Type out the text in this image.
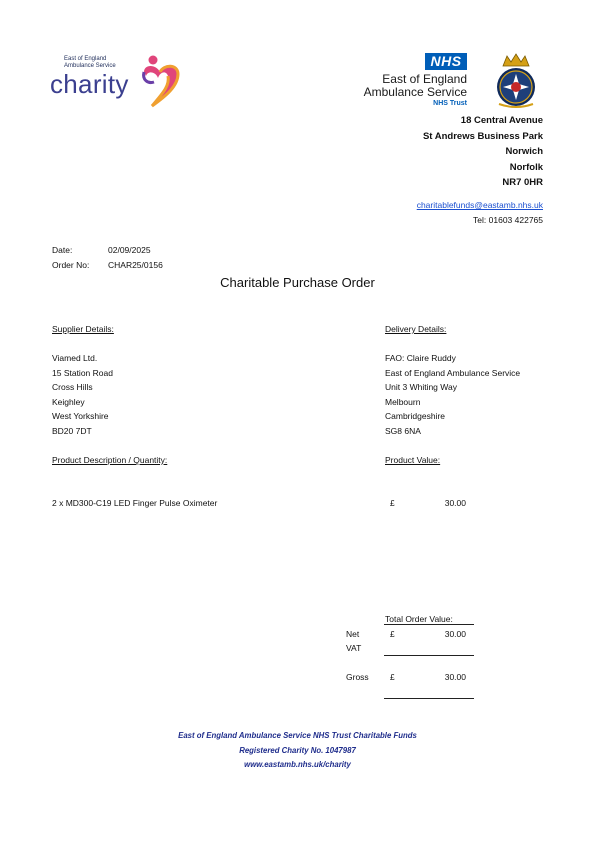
East of England
Ambulance Service
charity
NHS
East of England
Ambulance Service
NHS Trust
18 Central Avenue
St Andrews Business Park
Norwich
Norfolk
NR7 0HR
charitablefunds@eastamb.nhs.uk
Tel: 01603 422765
Date:	02/09/2025
Order No: CHAR25/0156
Charitable Purchase Order
Supplier Details:
Viamed Ltd.
15 Station Road
Cross Hills
Keighley
West Yorkshire
BD20 7DT
Delivery Details:
FAO: Claire Ruddy
East of England Ambulance Service
Unit 3 Whiting Way
Melbourn
Cambridgeshire
SG8 6NA
Product Description / Quantity:	Product Value:
2 x MD300-C19 LED Finger Pulse Oximeter	£	30.00
Total Order Value:
Net	£	30.00
VAT
Gross	£	30.00
East of England Ambulance Service NHS Trust Charitable Funds
Registered Charity No. 1047987
www.eastamb.nhs.uk/charity
